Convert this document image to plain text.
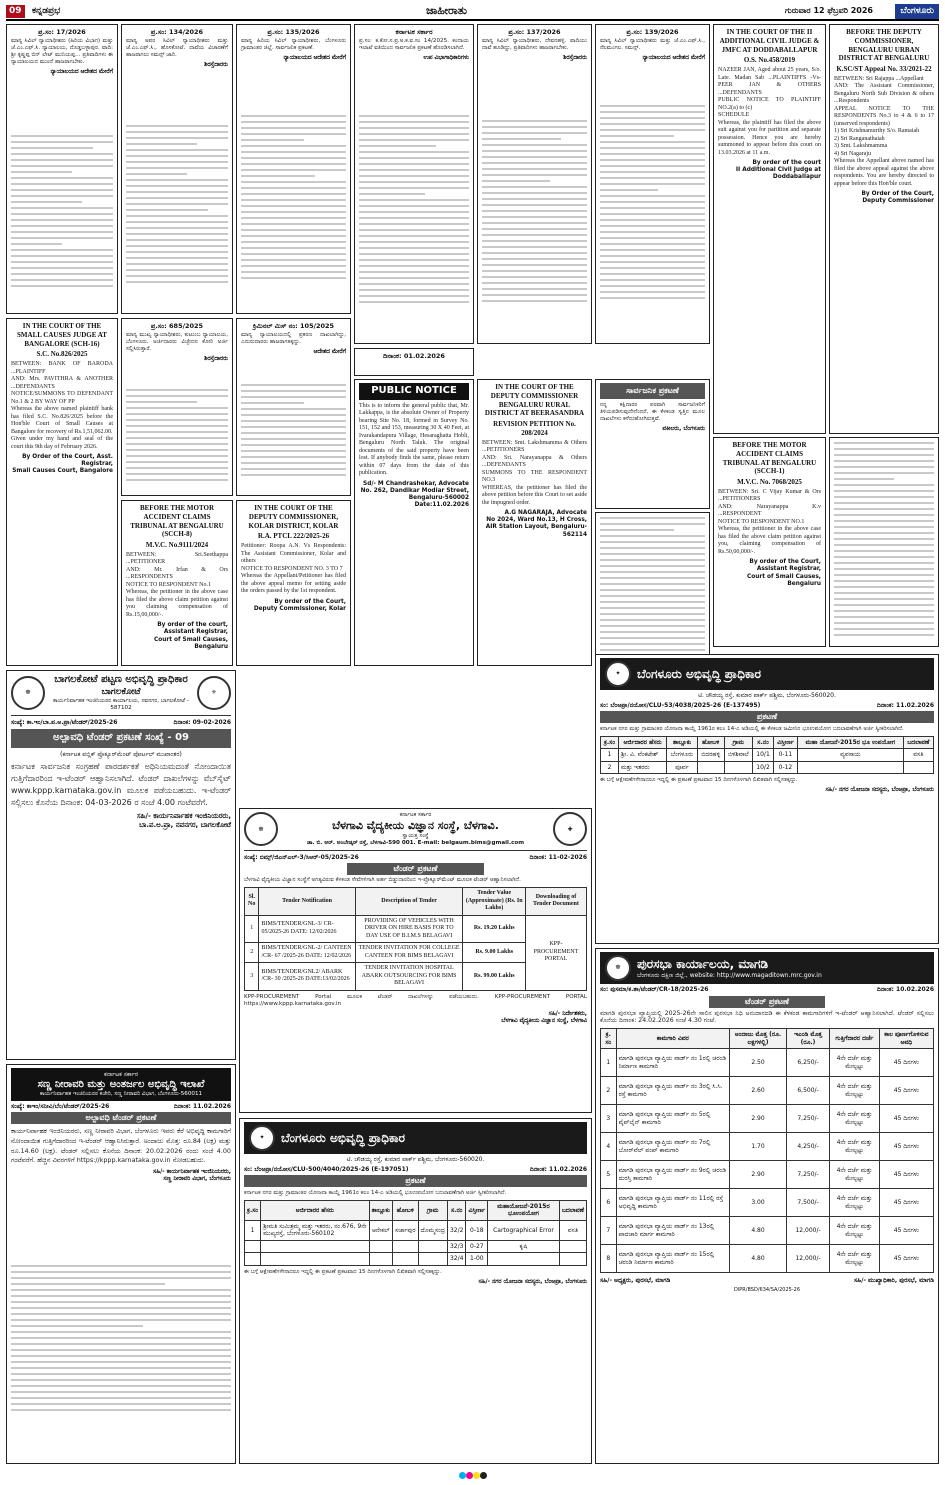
09	ಕನ್ನಡಪ್ರಭ	ಜಾಹೀರಾತು	ಗುರುವಾರ 12 ಫೆಬ್ರವರಿ 2026	ಬೆಂಗಳೂರು
ಪ್ರ.ಸಂ: 17/2026
ಮಾನ್ಯ ಸಿವಿಲ್ ನ್ಯಾಯಾಧೀಶರು (ಹಿರಿಯ ವಿಭಾಗ) ಮತ್ತು ಜೆ.ಎಂ.ಎಫ್.ಸಿ. ನ್ಯಾಯಾಲಯ, ದೊಡ್ಡಬಳ್ಳಾಪುರ. ವಾದಿ: ಶ್ರೀ ಕೃಷ್ಣಪ್ಪ ಬಿನ್ ಲೇಟ್ ಮುನಿಯಪ್ಪ... ಪ್ರತಿವಾದಿಗಳು ಈ ನ್ಯಾಯಾಲಯದ ಮುಂದೆ ಹಾಜರಾಗಬೇಕು.
ನ್ಯಾಯಾಲಯದ ಆದೇಶದ ಮೇರೆಗೆ
ಪ್ರ.ಸಂ: 134/2026
ಮಾನ್ಯ ಅಪರ ಸಿವಿಲ್ ನ್ಯಾಯಾಧೀಶರು ಮತ್ತು ಜೆ.ಎಂ.ಎಫ್.ಸಿ., ಹೊಸಕೋಟೆ. ದಾವೆಯ ವಿಚಾರಣೆಗೆ ಹಾಜರಾಗಲು ಸಮನ್ಸ್ ಜಾರಿ.
ಶಿರಸ್ತೆದಾರರು
ಪ್ರ.ಸಂ: 135/2026
ಮಾನ್ಯ ಹಿರಿಯ ಸಿವಿಲ್ ನ್ಯಾಯಾಧೀಶರು, ಬೆಂಗಳೂರು ಗ್ರಾಮಾಂತರ ಜಿಲ್ಲೆ. ಸಾರ್ವಜನಿಕ ಪ್ರಕಟಣೆ.
ನ್ಯಾಯಾಲಯದ ಆದೇಶದ ಮೇರೆಗೆ
ಕರ್ನಾಟಕ ಸರ್ಕಾರ
ಪ್ರ.ಸಂ: ಕ.ಕೋ.ಸ.ಪ್ರ.ಅ.ಕ.ವ.ಸಂ 14/2025. ಕಂದಾಯ ಇಲಾಖೆ ವತಿಯಿಂದ ಸಾರ್ವಜನಿಕ ಪ್ರಕಟಣೆ ಹೊರಡಿಸಲಾಗಿದೆ.
ಉಪ ವಿಭಾಗಾಧಿಕಾರಿಗಳು
ಪ್ರ.ಸಂ: 137/2026
ಮಾನ್ಯ ಸಿವಿಲ್ ನ್ಯಾಯಾಧೀಶರು, ದೇವನಹಳ್ಳಿ. ವಾದಿಯು ದಾವೆ ಹೂಡಿದ್ದು, ಪ್ರತಿವಾದಿಗಳು ಹಾಜರಾಗಬೇಕು.
ಶಿರಸ್ತೆದಾರರು
ಪ್ರ.ಸಂ: 139/2026
ಮಾನ್ಯ ಸಿವಿಲ್ ನ್ಯಾಯಾಧೀಶರು ಮತ್ತು ಜೆ.ಎಂ.ಎಫ್.ಸಿ., ನೆಲಮಂಗಲ. ಸಮನ್ಸ್.
ನ್ಯಾಯಾಲಯದ ಆದೇಶದ ಮೇರೆಗೆ
IN THE COURT OF THE II ADDITIONAL CIVIL JUDGE & JMFC AT DODDABALLAPUR
O.S. No.458/2019
NAZEER JAN, Aged about 25 years, S/o. Late. Madan Sab ...PLAINTIFFS -Vs- PEER JAN & OTHERS ...DEFENDANTS
PUBLIC NOTICE TO PLAINTIFF NO.2(a) to (c)
SCHEDULE
Whereas, the plaintiff has filed the above suit against you for partition and separate possession. Hence you are hereby summoned to appear before this court on 13.03.2026 at 11 a.m.
By order of the court
II Additional Civil Judge at Doddaballapur
BEFORE THE DEPUTY COMMISSIONER, BENGALURU URBAN DISTRICT AT BENGALURU
K.SC/ST Appeal No. 33/2021-22
BETWEEN: Sri Rajappa ...Appellant
AND: The Assistant Commissioner, Bengaluru North Sub Division & others ...Respondents
APPEAL NOTICE TO THE RESPONDENTS No.3 to 4 & 6 to 17 (unserved respondents)
1) Sri Krishnamurthy S/o. Ramaiah
2) Sri Ranganathaiah
3) Smt. Lakshmamma
4) Sri Nagaraju
Whereas the Appellant above named has filed the above appeal against the above respondents. You are hereby directed to appear before this Hon'ble court.
By Order of the Court,
Deputy Commissioner
IN THE COURT OF THE SMALL CAUSES JUDGE AT BANGALORE (SCH-16)
S.C. No.826/2025
BETWEEN: BANK OF BARODA ...PLAINTIFF
AND: Mrs. PAVITHRA & ANOTHER ...DEFENDANTS
NOTICE/SUMMONS TO DEFENDANT No.1 & 2 BY WAY OF PP
Whereas the above named plaintiff bank has filed S.C. No.826/2025 before the Hon'ble Court of Small Causes at Bangalore for recovery of Rs.1,51,062.00.
Given under my hand and seal of the court this 9th day of February 2026.
By Order of the Court, Asst. Registrar,
Small Causes Court, Bangalore
ಪ್ರ.ಸಂ: 685/2025
ಮಾನ್ಯ ಮುಖ್ಯ ನ್ಯಾಯಾಧೀಶರು, ಕುಟುಂಬ ನ್ಯಾಯಾಲಯ, ಬೆಂಗಳೂರು. ಅರ್ಜಿದಾರರು ವಿಚ್ಛೇದನ ಕೋರಿ ಅರ್ಜಿ ಸಲ್ಲಿಸಿರುತ್ತಾರೆ.
ಶಿರಸ್ತೆದಾರರು
ಕ್ರಿಮಿನಲ್ ಮಿಸ್ ನಂ: 105/2025
ಮಾನ್ಯ ನ್ಯಾಯಾಲಯದಲ್ಲಿ ಪ್ರಕರಣ ದಾಖಲಾಗಿದ್ದು, ಎದುರುದಾರರು ಹಾಜರಾಗತಕ್ಕದ್ದು.
ಆದೇಶದ ಮೇರೆಗೆ
BEFORE THE MOTOR ACCIDENT CLAIMS TRIBUNAL AT BENGALURU (SCCH-8)
M.V.C. No.9111/2024
BETWEEN: Sri.Seethappa ...PETITIONER
AND: Mr. Irfan & Ors ...RESPONDENTS
NOTICE TO RESPONDENT No.1
Whereas, the petitioner in the above case has filed the above claim petition against you claiming compensation of Rs.15,00,000/-.
By order of the court, Assistant Registrar,
Court of Small Causes, Bengaluru
IN THE COURT OF THE DEPUTY COMMISSIONER, KOLAR DISTRICT, KOLAR
R.A. PTCL 222/2025-26
Petitioner: Roopa A.N. Vs Respondents: The Assistant Commissioner, Kolar and others
NOTICE TO RESPONDENT NO. 3 TO 7
Whereas the Appellant/Petitioner has filed the above appeal memo for setting aside the orders passed by the 1st respondent.
By order of the Court,
Deputy Commissioner, Kolar
ದಿನಾಂಕ: 01.02.2026
PUBLIC NOTICE
This is to inform the general public that, Mr. Lakkappa, is the absolute Owner of Property bearing Site No. 18, formed in Survey No. 151, 152 and 153, measuring 30 X 40 Feet, at Ivarakandapura Village, Hesaraghatta Hobli, Bengaluru North Taluk. The original documents of the said property have been lost. If anybody finds the same, please return within 07 days from the date of this publication.
Sd/- M Chandrashekar, Advocate
No. 262, Dandikar Modiar Street, Bengaluru-560002
Date:11.02.2026
IN THE COURT OF THE DEPUTY COMMISSIONER BENGALURU RURAL DISTRICT AT BEERASANDRA
REVISION PETITION No. 208/2024
BETWEEN: Smt. Lakshmamma & Others ...PETITIONERS
AND: Sri. Narayanappa & Others ...DEFENDANTS
SUMMONS TO THE RESPONDENT NO.3
WHEREAS, the petitioner has filed the above petition before this Court to set aside the impugned order.
A.G NAGARAJA, Advocate
No 2024, Ward No.13, H Cross,
AIR Station Layout, Bengaluru-562114
ಸಾರ್ವಜನಿಕ ಪ್ರಕಟಣೆ
ನನ್ನ ಕಕ್ಷಿದಾರರ ಪರವಾಗಿ ಸಾರ್ವಜನಿಕರಿಗೆ ತಿಳಿಯಪಡಿಸುವುದೇನೆಂದರೆ, ಈ ಕೆಳಕಂಡ ಸ್ವತ್ತಿನ ಮೂಲ ದಾಖಲೆಗಳು ಕಳೆದುಹೋಗಿರುತ್ತವೆ.
ವಕೀಲರು, ಬೆಂಗಳೂರು
BEFORE THE MOTOR ACCIDENT CLAIMS TRIBUNAL AT BENGALURU (SCCH-1)
M.V.C. No. 7068/2025
BETWEEN: Sri. C Vijay Kumar & Ors ...PETITIONERS
AND: Narayanappa K.v ...RESPONDENT
NOTICE TO RESPONDENT NO.1
Whereas, the petitioner in the above case has filed the above claim petition against you, claiming compensation of Rs.50,00,000/-.
By order of the Court, Assistant Registrar,
Court of Small Causes, Bengaluru
✦	ಬೆಂಗಳೂರು ಅಭಿವೃದ್ಧಿ ಪ್ರಾಧಿಕಾರ
ಟಿ. ಚೌಡಯ್ಯ ರಸ್ತೆ, ಕುಮಾರ ಪಾರ್ಕ್ ಪಶ್ಚಿಮ, ಬೆಂಗಳೂರು-560020.
ಸಂ: ಬೆಂಅಪ್ರಾ/ನಯೋಸ/CLU-53/4038/2025-26 (E-137495)	ದಿನಾಂಕ: 11.02.2026
ಪ್ರಕಟಣೆ
ಕರ್ನಾಟಕ ನಗರ ಮತ್ತು ಗ್ರಾಮಾಂತರ ಯೋಜನಾ ಕಾಯ್ದೆ 1961ರ ಕಲಂ 14-ಎ ಅಡಿಯಲ್ಲಿ ಈ ಕೆಳಕಂಡ ಜಮೀನಿನ ಭೂಉಪಯೋಗ ಬದಲಾವಣೆಗಾಗಿ ಅರ್ಜಿ ಸ್ವೀಕರಿಸಲಾಗಿದೆ.
ಕ್ರ.ಸಂ	ಅರ್ಜಿದಾರರ ಹೆಸರು	ತಾಲ್ಲೂಕು	ಹೋಬಳಿ	ಗ್ರಾಮ	ಸ.ನಂ	ವಿಸ್ತೀರ್ಣ	ಮಹಾ ಯೋಜನೆ-2015ರ ಭೂ ಉಪಯೋಗ	ಬದಲಾವಣೆ
1	ಶ್ರೀ. ವಿ. ವೆಂಕಟೇಶ್	ಬೆಂಗಳೂರು	ಬಿದರಹಳ್ಳಿ	ಬಿಳಿಶಿವಾಲೆ	10/1	0-11	ವ್ಯವಸಾಯ	ವಸತಿ
2	ಮತ್ತು ಇತರರು	ಪೂರ್ವ			10/2	0-12		
ಈ ಬಗ್ಗೆ ಆಕ್ಷೇಪಣೆಗಳೇನಾದರೂ ಇದ್ದಲ್ಲಿ ಈ ಪ್ರಕಟಣೆ ಪ್ರಕಟವಾದ 15 ದಿನಗಳೊಳಗಾಗಿ ಲಿಖಿತವಾಗಿ ಸಲ್ಲಿಸತಕ್ಕದ್ದು.
ಸಹಿ/- ನಗರ ಯೋಜನಾ ಸದಸ್ಯರು, ಬೆಂಅಪ್ರಾ, ಬೆಂಗಳೂರು
☸
ಬಾಗಲಕೋಟೆ ಪಟ್ಟಣ ಅಭಿವೃದ್ಧಿ ಪ್ರಾಧಿಕಾರ
ಬಾಗಲಕೋಟೆ
ಕಾರ್ಯನಿರ್ವಾಹಕ ಇಂಜಿನಿಯರರ ಕಾರ್ಯಾಲಯ, ನವನಗರ, ಬಾಗಲಕೋಟೆ - 587102
⚜
ಸಂಖ್ಯೆ: ಕಾ.ಇಂ/ಬಾ.ಪ.ಅ.ಪ್ರಾ/ಟೆಂಡರ್/2025-26	ದಿನಾಂಕ: 09-02-2026
ಅಲ್ಪಾವಧಿ ಟೆಂಡರ್ ಪ್ರಕಟಣೆ ಸಂಖ್ಯೆ - 09
(ಕರ್ನಾಟಕ ಪಬ್ಲಿಕ್ ಪ್ರೊಕ್ಯೂರ್‌ಮೆಂಟ್ ಪೋರ್ಟಲ್ ಮುಖಾಂತರ)
ಕರ್ನಾಟಕ ಸಾರ್ವಜನಿಕ ಸಂಗ್ರಹಣೆ ಪಾರದರ್ಶಕತೆ ಅಧಿನಿಯಮದಂತೆ ನೋಂದಾಯಿತ ಗುತ್ತಿಗೆದಾರರಿಂದ ಇ-ಟೆಂಡರ್ ಆಹ್ವಾನಿಸಲಾಗಿದೆ. ಟೆಂಡರ್ ದಾಖಲೆಗಳನ್ನು ವೆಬ್‌ಸೈಟ್ www.kppp.karnataka.gov.in ಮೂಲಕ ಪಡೆಯಬಹುದು. ಇ-ಟೆಂಡರ್ ಸಲ್ಲಿಸಲು ಕೊನೆಯ ದಿನಾಂಕ: 04-03-2026 ರ ಸಂಜೆ 4.00 ಗಂಟೆವರೆಗೆ.
ಸಹಿ/- ಕಾರ್ಯನಿರ್ವಾಹಕ ಇಂಜಿನಿಯರರು,
ಬಾ.ಪ.ಅ.ಪ್ರಾ, ನವನಗರ, ಬಾಗಲಕೋಟೆ
☸
ಕರ್ನಾಟಕ ಸರ್ಕಾರ
ಬೆಳಗಾವಿ ವೈದ್ಯಕೀಯ ವಿಜ್ಞಾನ ಸಂಸ್ಥೆ, ಬೆಳಗಾವಿ.
ಸ್ವಾಯತ್ತ ಸಂಸ್ಥೆ
ಡಾ. ಬಿ. ಆರ್. ಅಂಬೇಡ್ಕರ್ ರಸ್ತೆ, ಬೆಳಗಾವಿ-590 001. E-mail: belgaum.bims@gmail.com
✚
ಸಂಖ್ಯೆ: ಬಿಮ್ಸ್/ಜಿಎನ್‌ಎಲ್-3/ಸಿಆರ್-05/2025-26	ದಿನಾಂಕ: 11-02-2026
ಟೆಂಡರ್ ಪ್ರಕಟಣೆ
ಬೆಳಗಾವಿ ವೈದ್ಯಕೀಯ ವಿಜ್ಞಾನ ಸಂಸ್ಥೆಗೆ ಅಗತ್ಯವಿರುವ ಕೆಳಕಂಡ ಸೇವೆಗಳಿಗಾಗಿ ಅರ್ಹ ಬಿಡ್ಡುದಾರರಿಂದ ಇ-ಪ್ರೊಕ್ಯೂರ್‌ಮೆಂಟ್ ಮೂಲಕ ಟೆಂಡರ್ ಆಹ್ವಾನಿಸಲಾಗಿದೆ.
Sl. No	Tender Notification	Description of Tender	Tender Value (Approximate) (Rs. In Lakhs)	Downloading of Tender Document
1	BIMS/TENDER/GNL-3/ CR-05/2025-26 DATE: 12/02/2026	PROVIDING OF VEHICLES WITH DRIVER ON HIRE BASIS FOR TO DAY USE OF B.I.M.S BELAGAVI	Rs. 19.20 Lakhs	KPP-PROCUREMENT PORTAL
2	BIMS/TENDER/GNL-2/ CANTEEN /CR- 67 /2025-26 DATE: 12/02/2026	TENDER INVITATION FOR COLLEGE CANTEEN FOR BIMS BELAGAVI	Rs. 9.00 Lakhs	
3	BIMS/TENDER/GNL2/ ABARK /CR- 30 /2025-26 DATE:13/02/2026	TENDER INVITATION HOSPITAL ABARK OUTSOURCING FOR BIMS BELAGAVI	Rs. 99.00 Lakhs	
KPP-PROCUREMENT Portal ಮೂಲಕ ಟೆಂಡರ್ ದಾಖಲೆಗಳನ್ನು ಪಡೆಯಬಹುದು. KPP-PROCUREMENT PORTAL https://www.kppp.karnataka.gov.in
ಸಹಿ/- ನಿರ್ದೇಶಕರು,
ಬೆಳಗಾವಿ ವೈದ್ಯಕೀಯ ವಿಜ್ಞಾನ ಸಂಸ್ಥೆ, ಬೆಳಗಾವಿ
ಕರ್ನಾಟಕ ಸರ್ಕಾರ
ಸಣ್ಣ ನೀರಾವರಿ ಮತ್ತು ಅಂತರ್ಜಲ ಅಭಿವೃದ್ಧಿ ಇಲಾಖೆ
ಕಾರ್ಯನಿರ್ವಾಹಕ ಇಂಜಿನಿಯರರ ಕಚೇರಿ, ಸಣ್ಣ ನೀರಾವರಿ ವಿಭಾಗ, ಬೆಂಗಳೂರು-560011
ಸಂಖ್ಯೆ: ಕಾಇಂ/ಸನೀವಿ/ಬೆಂ/ಟೆಂಡರ್/2025-26	ದಿನಾಂಕ: 11.02.2026
ಅಲ್ಪಾವಧಿ ಟೆಂಡರ್ ಪ್ರಕಟಣೆ
ಕಾರ್ಯನಿರ್ವಾಹಕ ಇಂಜಿನಿಯರರು, ಸಣ್ಣ ನೀರಾವರಿ ವಿಭಾಗ, ಬೆಂಗಳೂರು ಇವರು ಕೆರೆ ಅಭಿವೃದ್ಧಿ ಕಾಮಗಾರಿಗೆ ನೋಂದಾಯಿತ ಗುತ್ತಿಗೆದಾರರಿಂದ ಇ-ಟೆಂಡರ್ ಆಹ್ವಾನಿಸಿರುತ್ತಾರೆ. ಅಂದಾಜು ಮೊತ್ತ: ರೂ.84 (ಲಕ್ಷ) ಮತ್ತು ರೂ.14.60 (ಲಕ್ಷ). ಟೆಂಡರ್ ಸಲ್ಲಿಸಲು ಕೊನೆಯ ದಿನಾಂಕ: 20.02.2026 ರಂದು ಸಂಜೆ 4.00 ಗಂಟೆವರೆಗೆ. ಹೆಚ್ಚಿನ ವಿವರಗಳಿಗೆ https://kppp.karnataka.gov.in ನೋಡಬಹುದು.
ಸಹಿ/- ಕಾರ್ಯನಿರ್ವಾಹಕ ಇಂಜಿನಿಯರರು,
ಸಣ್ಣ ನೀರಾವರಿ ವಿಭಾಗ, ಬೆಂಗಳೂರು
✦	ಬೆಂಗಳೂರು ಅಭಿವೃದ್ಧಿ ಪ್ರಾಧಿಕಾರ
ಟಿ. ಚೌಡಯ್ಯ ರಸ್ತೆ, ಕುಮಾರ ಪಾರ್ಕ್ ಪಶ್ಚಿಮ, ಬೆಂಗಳೂರು-560020.
ಸಂ: ಬೆಂಅಪ್ರಾ/ನಯೋಸ/CLU-500/4040/2025-26 (E-197051)	ದಿನಾಂಕ: 11.02.2026
ಪ್ರಕಟಣೆ
ಕರ್ನಾಟಕ ನಗರ ಮತ್ತು ಗ್ರಾಮಾಂತರ ಯೋಜನಾ ಕಾಯ್ದೆ 1961ರ ಕಲಂ 14-ಎ ಅಡಿಯಲ್ಲಿ ಭೂಉಪಯೋಗ ಬದಲಾವಣೆಗಾಗಿ ಅರ್ಜಿ ಸ್ವೀಕರಿಸಲಾಗಿದೆ.
ಕ್ರ.ಸಂ	ಅರ್ಜಿದಾರರ ಹೆಸರು	ತಾಲ್ಲೂಕು	ಹೋಬಳಿ	ಗ್ರಾಮ	ಸ.ನಂ	ವಿಸ್ತೀರ್ಣ	ಮಹಾಯೋಜನೆ-2015ರ ಭೂಉಪಯೋಗ	ಬದಲಾವಣೆ
1	ಶ್ರೀಮತಿ ಸುಮಿತ್ರಮ್ಮ ಮತ್ತು ಇತರರು, ನಂ.676, 9ನೇ ಮುಖ್ಯರಸ್ತೆ, ಬೆಂಗಳೂರು-560102	ಆನೇಕಲ್	ಸರ್ಜಾಪುರ	ದೊಮ್ಮಸಂದ್ರ	32/2	0-18	Cartographical Error	ವಸತಿ
					32/3	0-27	ಕೃಷಿ	
					32/4	1-00		
ಈ ಬಗ್ಗೆ ಆಕ್ಷೇಪಣೆಗಳೇನಾದರೂ ಇದ್ದಲ್ಲಿ ಈ ಪ್ರಕಟಣೆ ಪ್ರಕಟವಾದ 15 ದಿನಗಳೊಳಗಾಗಿ ಲಿಖಿತವಾಗಿ ಸಲ್ಲಿಸತಕ್ಕದ್ದು.
ಸಹಿ/- ನಗರ ಯೋಜನಾ ಸದಸ್ಯರು, ಬೆಂಅಪ್ರಾ, ಬೆಂಗಳೂರು
☸	ಪುರಸಭಾ ಕಾರ್ಯಾಲಯ, ಮಾಗಡಿ
ಬೆಂಗಳೂರು ದಕ್ಷಿಣ ಜಿಲ್ಲೆ., website: http://www.magaditown.mrc.gov.in
ಸಂ: ಪುಸಮಾ/ಕ.ತಾ/ಟೆಂಡರ್/CR-18/2025-26	ದಿನಾಂಕ: 10.02.2026
ಟೆಂಡರ್ ಪ್ರಕಟಣೆ
ಮಾಗಡಿ ಪುರಸಭಾ ವ್ಯಾಪ್ತಿಯಲ್ಲಿ 2025-26ನೇ ಸಾಲಿನ ಪುರಸಭಾ ನಿಧಿ ಅನುದಾನದಡಿ ಈ ಕೆಳಕಂಡ ಕಾಮಗಾರಿಗಳಿಗೆ ಇ-ಟೆಂಡರ್ ಆಹ್ವಾನಿಸಲಾಗಿದೆ. ಟೆಂಡರ್ ಸಲ್ಲಿಸಲು ಕೊನೆಯ ದಿನಾಂಕ: 24.02.2026 ಸಂಜೆ 4.30 ಗಂಟೆ.
ಕ್ರ. ಸಂ	ಕಾಮಗಾರಿ ವಿವರ	ಅಂದಾಜು ಮೊತ್ತ (ರೂ. ಲಕ್ಷಗಳಲ್ಲಿ)	ಇಎಂಡಿ ಮೊತ್ತ (ರೂ.)	ಗುತ್ತಿಗೆದಾರರ ದರ್ಜೆ	ಕಾಲ ಪೂರ್ಣಗೊಳಿಸುವ ಅವಧಿ
1	ಮಾಗಡಿ ಪುರಸಭಾ ವ್ಯಾಪ್ತಿಯ ವಾರ್ಡ್ ನಂ 1ರಲ್ಲಿ ಚರಂಡಿ ನಿರ್ಮಾಣ ಕಾಮಗಾರಿ	2.50	6,250/-	4ನೇ ದರ್ಜೆ ಮತ್ತು ಮೇಲ್ಪಟ್ಟು	45 ದಿನಗಳು
2	ಮಾಗಡಿ ಪುರಸಭಾ ವ್ಯಾಪ್ತಿಯ ವಾರ್ಡ್ ನಂ 3ರಲ್ಲಿ ಸಿ.ಸಿ. ರಸ್ತೆ ಕಾಮಗಾರಿ	2.60	6,500/-	4ನೇ ದರ್ಜೆ ಮತ್ತು ಮೇಲ್ಪಟ್ಟು	45 ದಿನಗಳು
3	ಮಾಗಡಿ ಪುರಸಭಾ ವ್ಯಾಪ್ತಿಯ ವಾರ್ಡ್ ನಂ 5ರಲ್ಲಿ ಪೈಪ್‌ಲೈನ್ ಕಾಮಗಾರಿ	2.90	7,250/-	4ನೇ ದರ್ಜೆ ಮತ್ತು ಮೇಲ್ಪಟ್ಟು	45 ದಿನಗಳು
4	ಮಾಗಡಿ ಪುರಸಭಾ ವ್ಯಾಪ್ತಿಯ ವಾರ್ಡ್ ನಂ 7ರಲ್ಲಿ ಬೋರ್‌ವೆಲ್ ಪಂಪ್ ಕಾಮಗಾರಿ	1.70	4,250/-	4ನೇ ದರ್ಜೆ ಮತ್ತು ಮೇಲ್ಪಟ್ಟು	45 ದಿನಗಳು
5	ಮಾಗಡಿ ಪುರಸಭಾ ವ್ಯಾಪ್ತಿಯ ವಾರ್ಡ್ ನಂ 9ರಲ್ಲಿ ಚರಂಡಿ ದುರಸ್ತಿ ಕಾಮಗಾರಿ	2.90	7,250/-	4ನೇ ದರ್ಜೆ ಮತ್ತು ಮೇಲ್ಪಟ್ಟು	45 ದಿನಗಳು
6	ಮಾಗಡಿ ಪುರಸಭಾ ವ್ಯಾಪ್ತಿಯ ವಾರ್ಡ್ ನಂ 11ರಲ್ಲಿ ರಸ್ತೆ ಅಭಿವೃದ್ಧಿ ಕಾಮಗಾರಿ	3.00	7,500/-	4ನೇ ದರ್ಜೆ ಮತ್ತು ಮೇಲ್ಪಟ್ಟು	45 ದಿನಗಳು
7	ಮಾಗಡಿ ಪುರಸಭಾ ವ್ಯಾಪ್ತಿಯ ವಾರ್ಡ್ ನಂ 13ರಲ್ಲಿ ಪಾದಚಾರಿ ಮಾರ್ಗ ಕಾಮಗಾರಿ	4.80	12,000/-	4ನೇ ದರ್ಜೆ ಮತ್ತು ಮೇಲ್ಪಟ್ಟು	45 ದಿನಗಳು
8	ಮಾಗಡಿ ಪುರಸಭಾ ವ್ಯಾಪ್ತಿಯ ವಾರ್ಡ್ ನಂ 15ರಲ್ಲಿ ಚರಂಡಿ ನಿರ್ಮಾಣ ಕಾಮಗಾರಿ	4.80	12,000/-	4ನೇ ದರ್ಜೆ ಮತ್ತು ಮೇಲ್ಪಟ್ಟು	45 ದಿನಗಳು
ಸಹಿ/- ಅಧ್ಯಕ್ಷರು, ಪುರಸಭೆ, ಮಾಗಡಿ	ಸಹಿ/- ಮುಖ್ಯಾಧಿಕಾರಿ, ಪುರಸಭೆ, ಮಾಗಡಿ
DIPR/BSD/634/SA/2025-26
